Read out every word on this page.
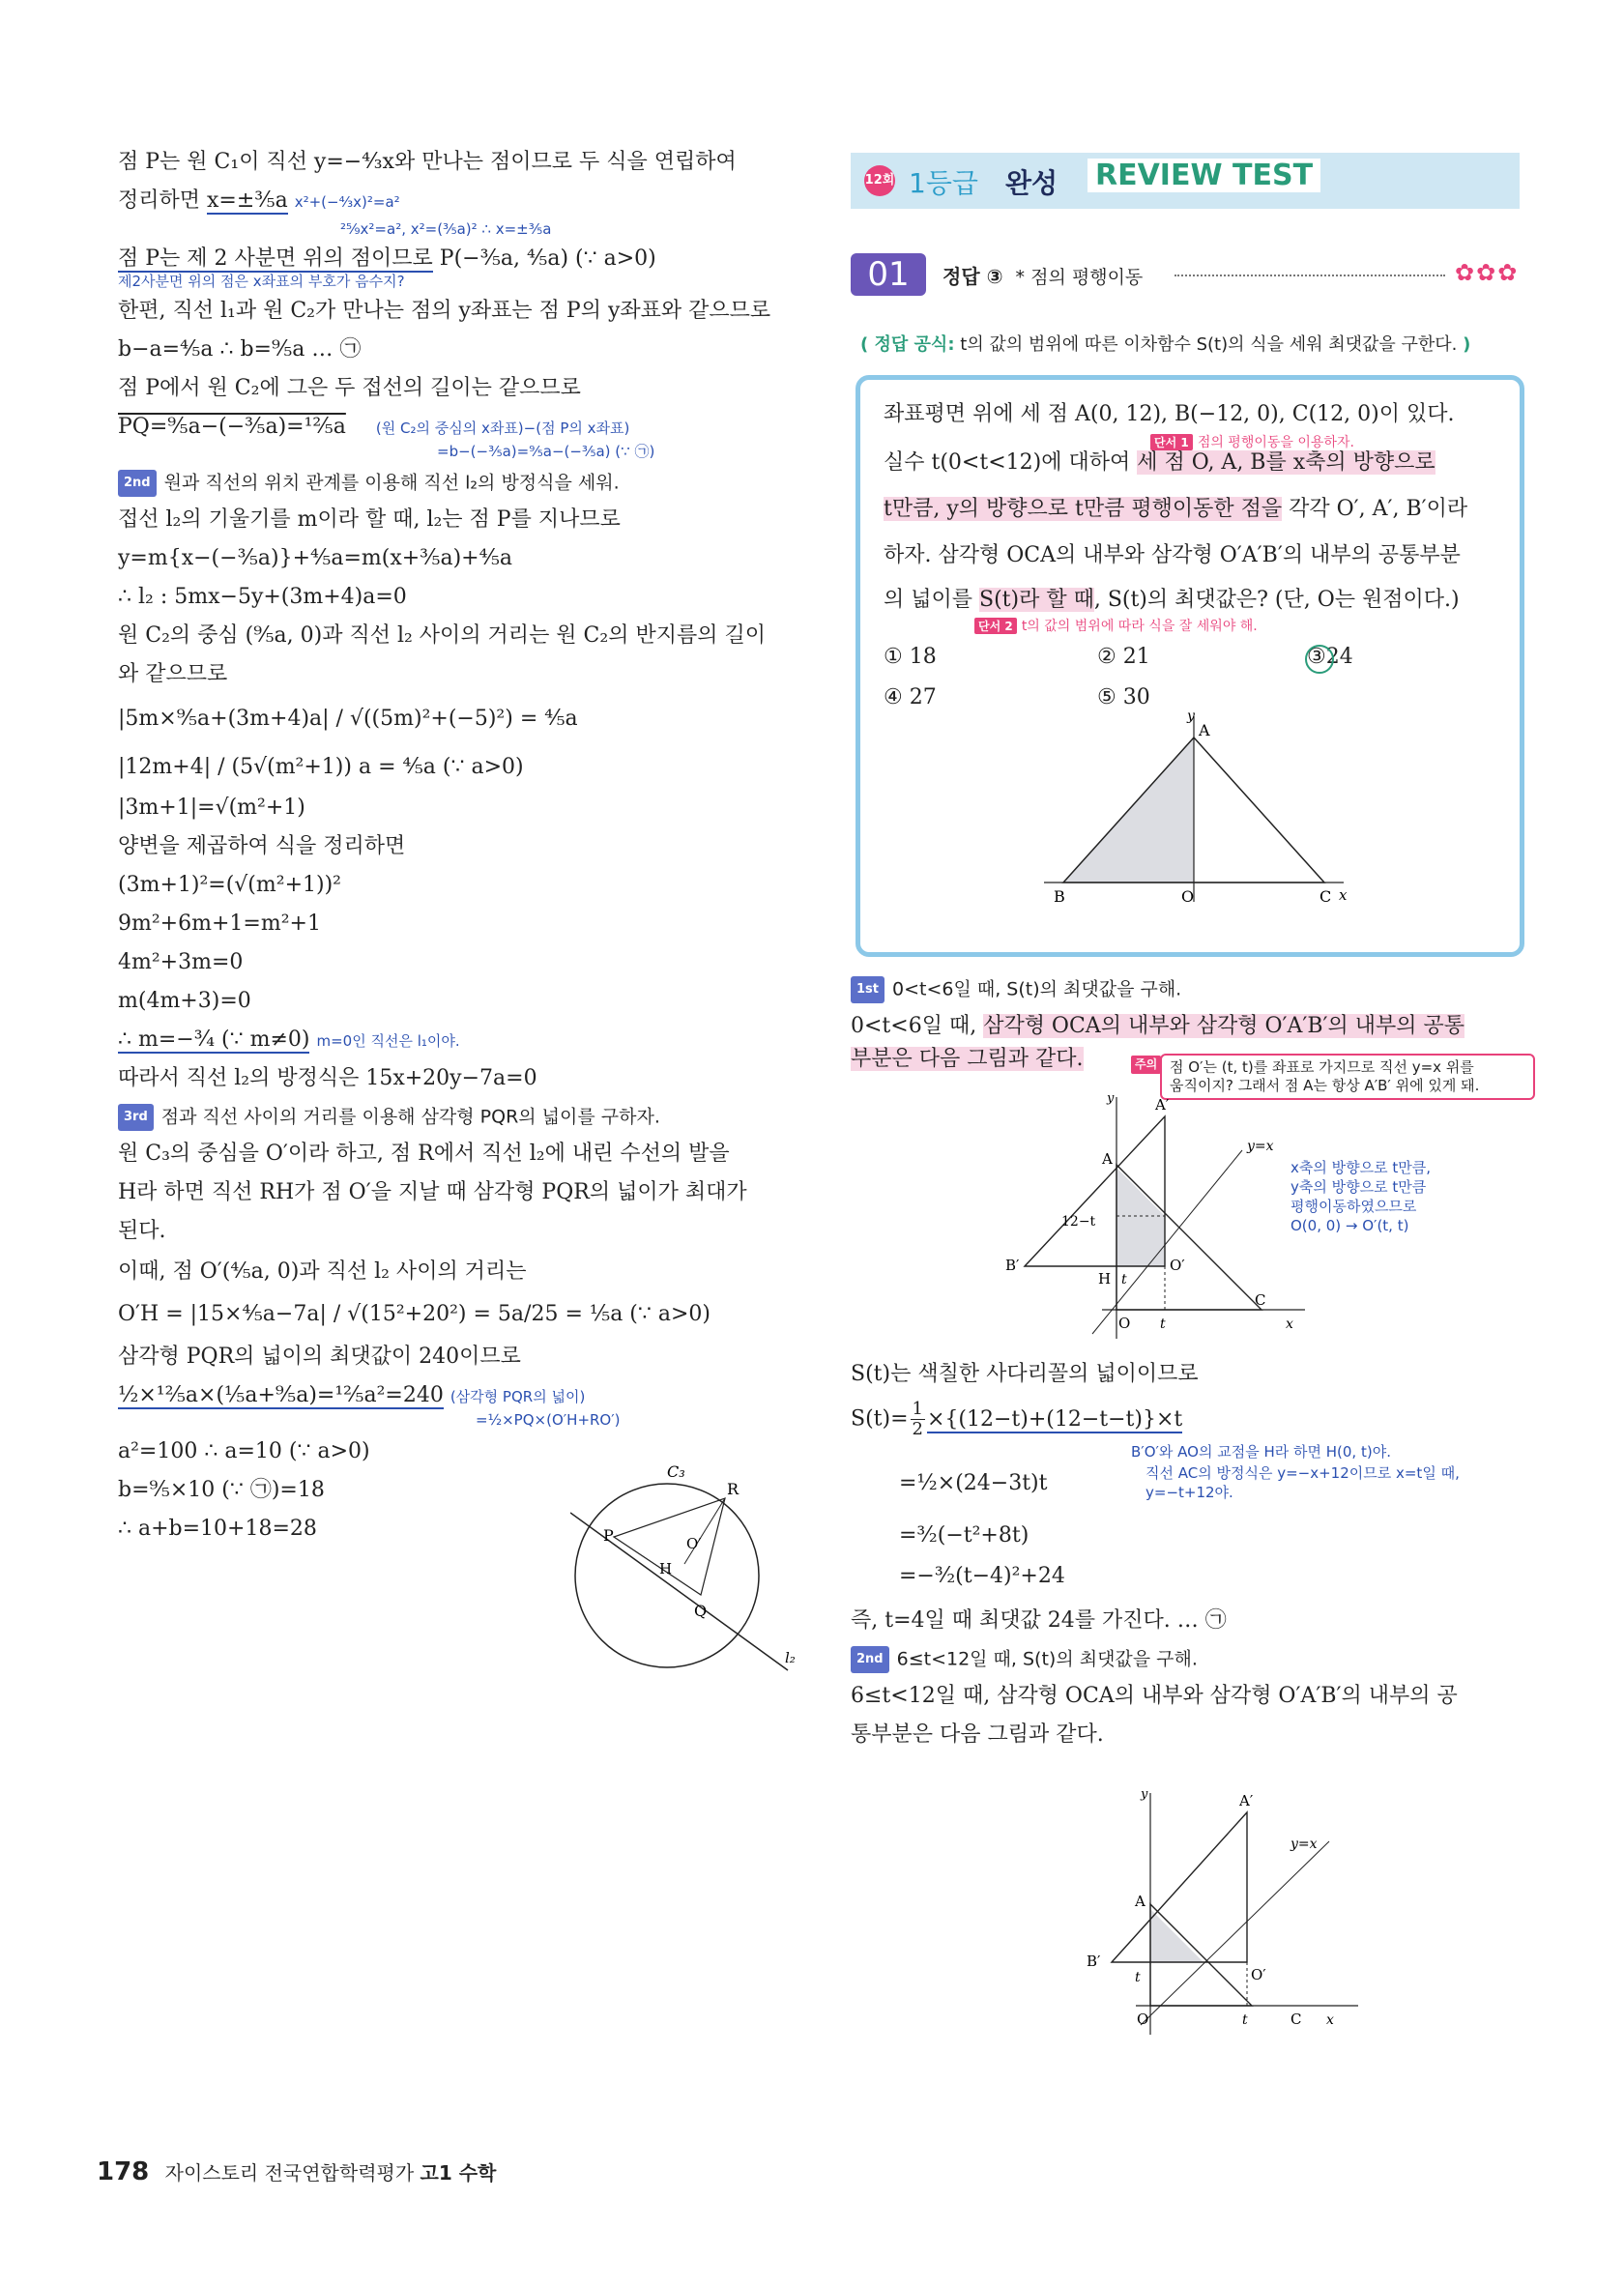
점 P는 원 C₁이 직선 y=−⁴⁄₃x와 만나는 점이므로 두 식을 연립하여
정리하면 x=±³⁄₅a x²+(−⁴⁄₃x)²=a²
²⁵⁄₉x²=a², x²=(³⁄₅a)² ∴ x=±³⁄₅a
점 P는 제 2 사분면 위의 점이므로 P(−³⁄₅a, ⁴⁄₅a) (∵ a>0)
제2사분면 위의 점은 x좌표의 부호가 음수지?
한편, 직선 l₁과 원 C₂가 만나는 점의 y좌표는 점 P의 y좌표와 같으므로
b−a=⁴⁄₅a ∴ b=⁹⁄₅a … ㉠
점 P에서 원 C₂에 그은 두 접선의 길이는 같으므로
PQ=⁹⁄₅a−(−³⁄₅a)=¹²⁄₅a (원 C₂의 중심의 x좌표)−(점 P의 x좌표)
=b−(−³⁄₅a)=⁹⁄₅a−(−³⁄₅a) (∵ ㉠)
2nd 원과 직선의 위치 관계를 이용해 직선 l₂의 방정식을 세워.
접선 l₂의 기울기를 m이라 할 때, l₂는 점 P를 지나므로
y=m{x−(−³⁄₅a)}+⁴⁄₅a=m(x+³⁄₅a)+⁴⁄₅a
∴ l₂ : 5mx−5y+(3m+4)a=0
원 C₂의 중심 (⁹⁄₅a, 0)과 직선 l₂ 사이의 거리는 원 C₂의 반지름의 길이
와 같으므로
|5m×⁹⁄₅a+(3m+4)a| / √((5m)²+(−5)²) = ⁴⁄₅a
|12m+4| / (5√(m²+1)) a = ⁴⁄₅a (∵ a>0)
|3m+1|=√(m²+1)
양변을 제곱하여 식을 정리하면
(3m+1)²=(√(m²+1))²
9m²+6m+1=m²+1
4m²+3m=0
m(4m+3)=0
∴ m=−³⁄₄ (∵ m≠0) m=0인 직선은 l₁이야.
따라서 직선 l₂의 방정식은 15x+20y−7a=0
3rd 점과 직선 사이의 거리를 이용해 삼각형 PQR의 넓이를 구하자.
원 C₃의 중심을 O′이라 하고, 점 R에서 직선 l₂에 내린 수선의 발을
H라 하면 직선 RH가 점 O′을 지날 때 삼각형 PQR의 넓이가 최대가
된다.
이때, 점 O′(⁴⁄₅a, 0)과 직선 l₂ 사이의 거리는
O′H = |15×⁴⁄₅a−7a| / √(15²+20²) = 5a/25 = ⅕a (∵ a>0)
삼각형 PQR의 넓이의 최댓값이 240이므로
½×¹²⁄₅a×(⅕a+⁹⁄₅a)=¹²⁄₅a²=240 (삼각형 PQR의 넓이)
=½×PQ×(O′H+RO′)
a²=100 ∴ a=10 (∵ a>0)
b=⁹⁄₅×10 (∵ ㉠)=18
∴ a+b=10+18=28
C₃
R
P	O′
H
Q
l₂
12회 1등급 완성 REVIEW TEST
01	정답 ③  * 점의 평행이동	✿✿✿
( 정답 공식: t의 값의 범위에 따른 이차함수 S(t)의 식을 세워 최댓값을 구한다. )
좌표평면 위에 세 점 A(0, 12), B(−12, 0), C(12, 0)이 있다.
단서 1 점의 평행이동을 이용하자.
실수 t(0<t<12)에 대하여 세 점 O, A, B를 x축의 방향으로
t만큼, y의 방향으로 t만큼 평행이동한 점을 각각 O′, A′, B′이라
하자. 삼각형 OCA의 내부와 삼각형 O′A′B′의 내부의 공통부분
의 넓이를 S(t)라 할 때, S(t)의 최댓값은? (단, O는 원점이다.)
단서 2 t의 값의 범위에 따라 식을 잘 세워야 해.
① 18	② 21	③24
④ 27	⑤ 30
y
A
B	O	C x
1st 0<t<6일 때, S(t)의 최댓값을 구해.
0<t<6일 때, 삼각형 OCA의 내부와 삼각형 O′A′B′의 내부의 공통
부분은 다음 그림과 같다.	주의 점 O′는 (t, t)를 좌표로 가지므로 직선 y=x 위를
움직이지? 그래서 점 A는 항상 A′B′ 위에 있게 돼.
y	A′
A
y=x
12−t
B′
H t
O′
C
O t	x
x축의 방향으로 t만큼,
y축의 방향으로 t만큼
평행이동하였으므로
O(0, 0) → O′(t, t)
S(t)는 색칠한 사다리꼴의 넓이이므로
$S(t)= \frac{1}{2} \times\{(12-t)+(12-t-t)\}\times t$
B′O′와 AO의 교점을 H라 하면 H(0, t)야.
=½×(24−3t)t	직선 AC의 방정식은 y=−x+12이므로 x=t일 때,
y=−t+12야.
=³⁄₂(−t²+8t)
=−³⁄₂(t−4)²+24
즉, t=4일 때 최댓값 24를 가진다. … ㉠
2nd 6≤t<12일 때, S(t)의 최댓값을 구해.
6≤t<12일 때, 삼각형 OCA의 내부와 삼각형 O′A′B′의 내부의 공
통부분은 다음 그림과 같다.
y	A′
A
y=x
B′
t	O′
O	t	C x
178 자이스토리 전국연합학력평가 고1 수학
